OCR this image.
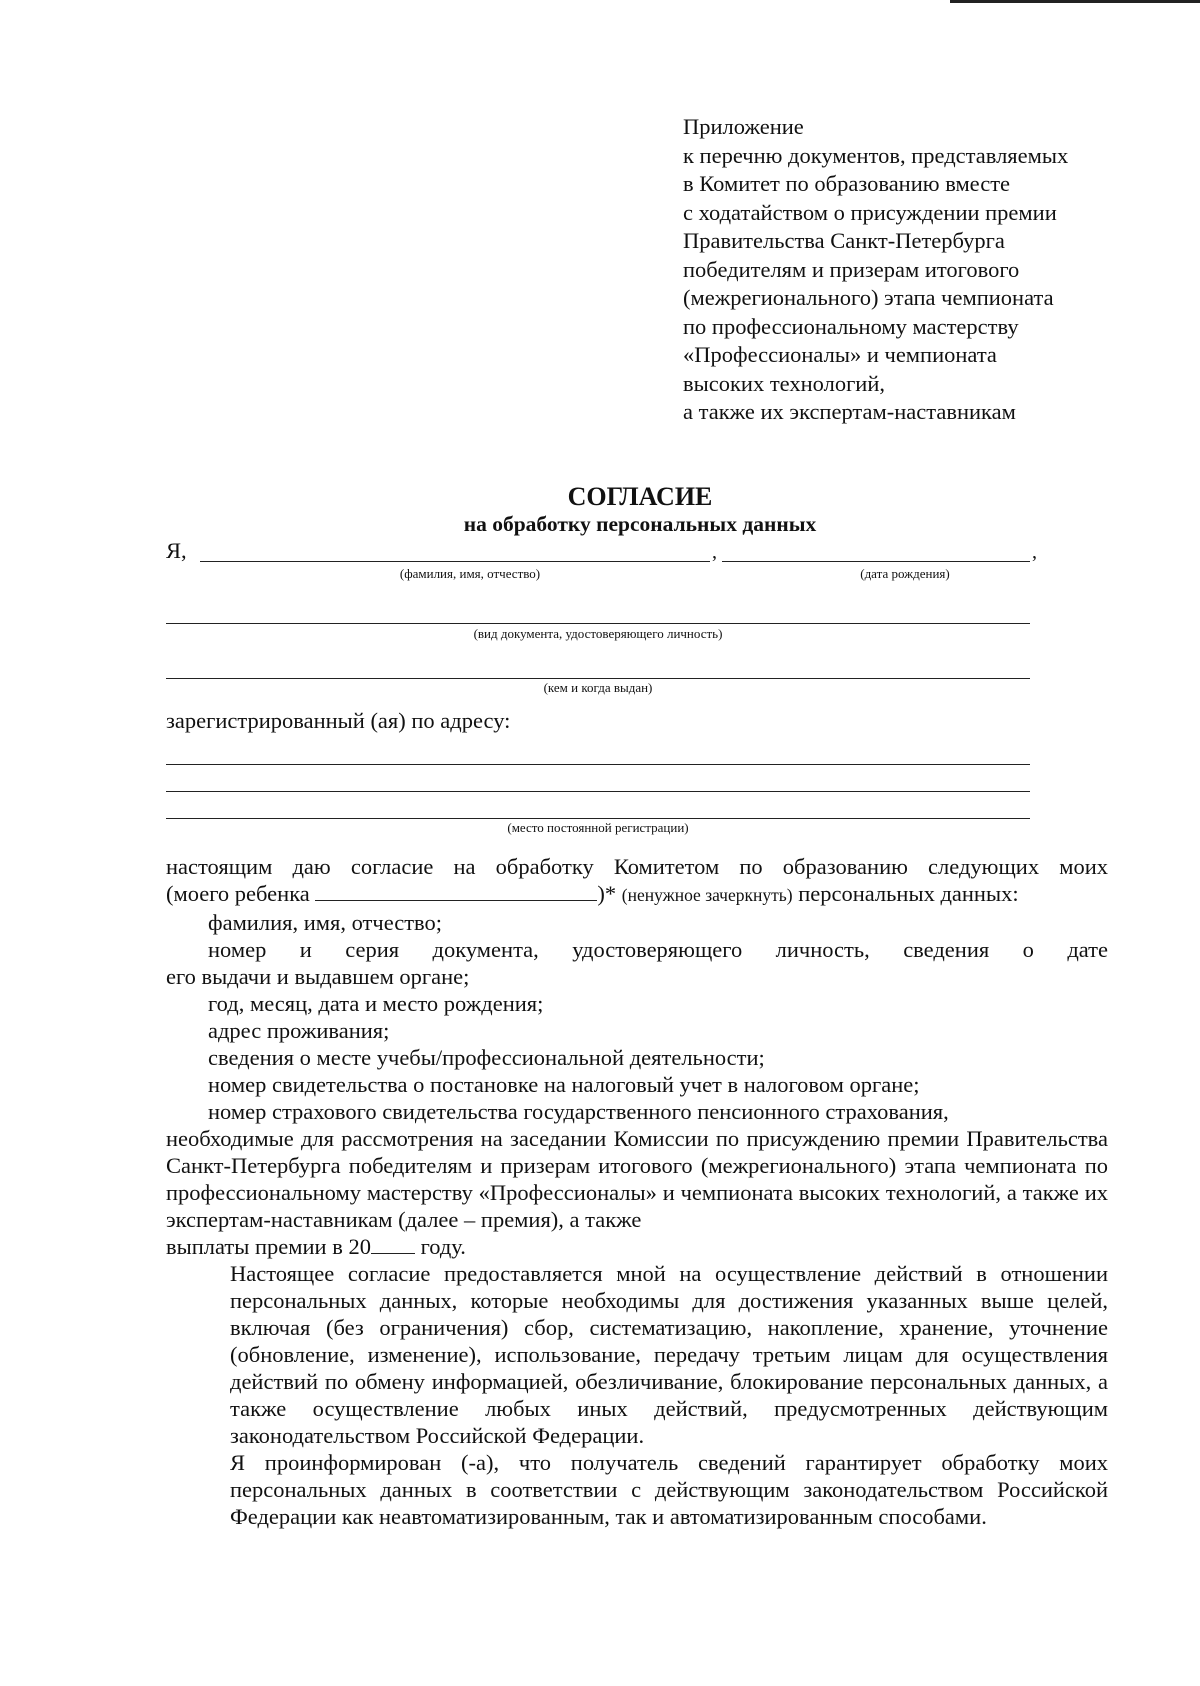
Приложение
к перечню документов, представляемых
в Комитет по образованию вместе
с ходатайством о присуждении премии
Правительства Санкт-Петербурга
победителям и призерам итогового
(межрегионального) этапа чемпионата
по профессиональному мастерству
«Профессионалы» и чемпионата
высоких технологий,
а также их экспертам-наставникам
СОГЛАСИЕ
на обработку персональных данных
Я,	,	,
(фамилия, имя, отчество)	(дата рождения)
(вид документа, удостоверяющего личность)
(кем и когда выдан)
зарегистрированный (ая) по адресу:
(место постоянной регистрации)
настоящим даю согласие на обработку Комитетом по образованию следующих моих
(моего ребенка	)* (ненужное зачеркнуть) персональных данных:
фамилия, имя, отчество;
номер и серия документа, удостоверяющего личность, сведения о дате
его выдачи и выдавшем органе;
год, месяц, дата и место рождения;
адрес проживания;
сведения о месте учебы/профессиональной деятельности;
номер свидетельства о постановке на налоговый учет в налоговом органе;
номер страхового свидетельства государственного пенсионного страхования,
необходимые для рассмотрения на заседании Комиссии по присуждению премии Правительства Санкт-Петербурга победителям и призерам итогового (межрегионального) этапа чемпионата по профессиональному мастерству «Профессионалы» и чемпионата высоких технологий, а также их экспертам-наставникам (далее – премия), а также
выплаты премии в 20 году.
Настоящее согласие предоставляется мной на осуществление действий в отношении персональных данных, которые необходимы для достижения указанных выше целей, включая (без ограничения) сбор, систематизацию, накопление, хранение, уточнение (обновление, изменение), использование, передачу третьим лицам для осуществления действий по обмену информацией, обезличивание, блокирование персональных данных, а также осуществление любых иных действий, предусмотренных действующим законодательством Российской Федерации.
Я проинформирован (-а), что получатель сведений гарантирует обработку моих персональных данных в соответствии с действующим законодательством Российской Федерации как неавтоматизированным, так и автоматизированным способами.
